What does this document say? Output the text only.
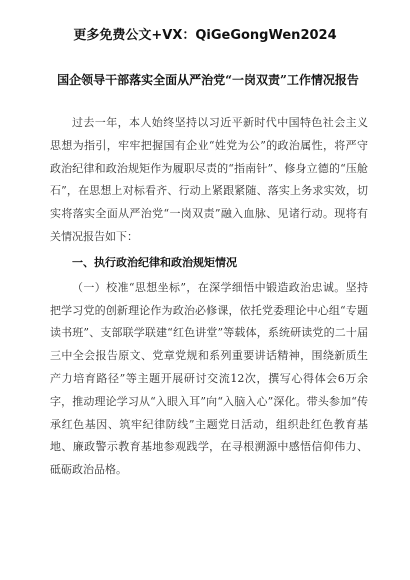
更多免费公文+VX：QiGeGongWen2024
国企领导干部落实全面从严治党“一岗双责”工作情况报告

过去一年，本人始终坚持以习近平新时代中国特色社会主义思想为指引，牢牢把握国有企业“姓党为公”的政治属性，将严守政治纪律和政治规矩作为履职尽责的“指南针”、修身立德的“压舱石”，在思想上对标看齐、行动上紧跟紧随、落实上务求实效，切实将落实全面从严治党“一岗双责”融入血脉、见诸行动。现将有关情况报告如下：

一、执行政治纪律和政治规矩情况

（一）校准“思想坐标”，在深学细悟中锻造政治忠诚。坚持把学习党的创新理论作为政治必修课，依托党委理论中心组“专题读书班”、支部联学联建“红色讲堂”等载体，系统研读党的二十届三中全会报告原文、党章党规和系列重要讲话精神，围绕新质生产力培育路径”等主题开展研讨交流12次，撰写心得体会6万余字，推动理论学习从“入眼入耳”向“入脑入心”深化。带头参加“传承红色基因、筑牢纪律防线”主题党日活动，组织赴红色教育基地、廉政警示教育基地参观践学，在寻根溯源中感悟信仰伟力、砥砺政治品格。
